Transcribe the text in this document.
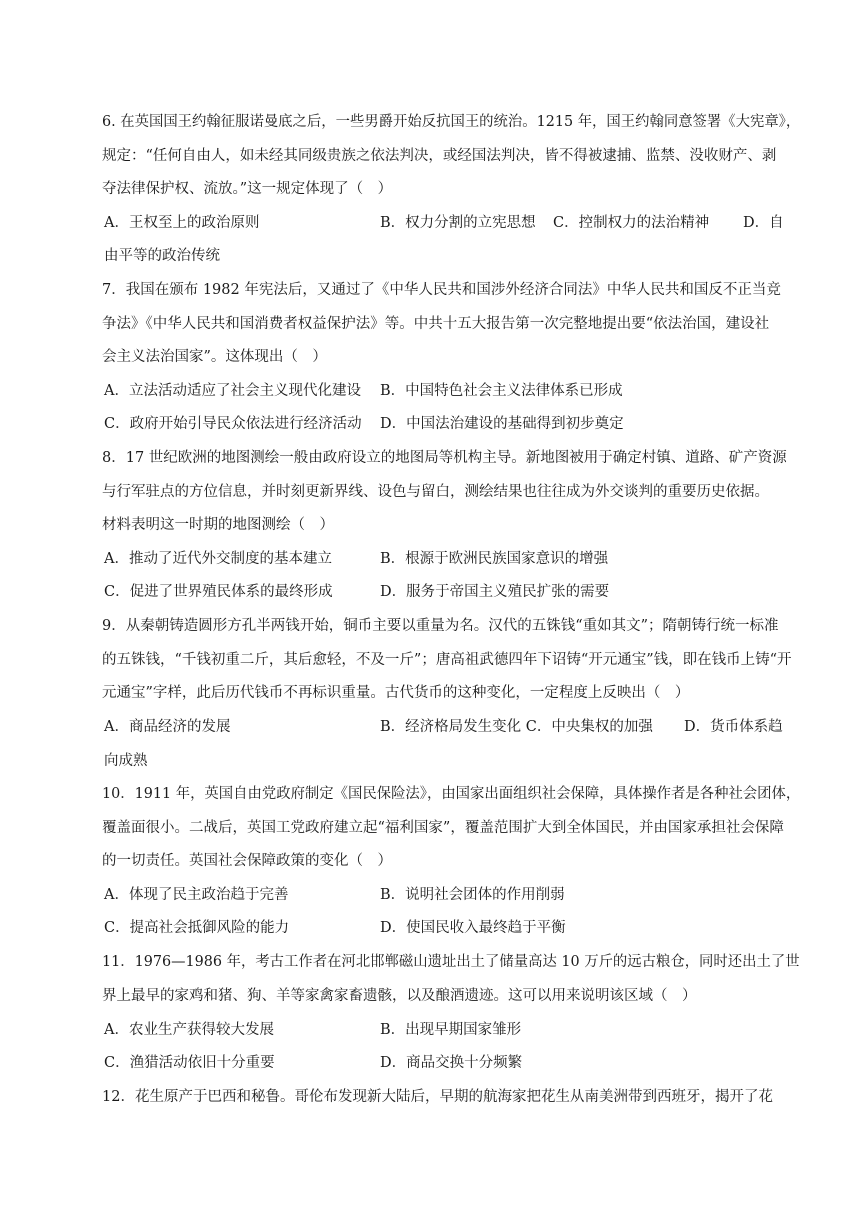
6. 在英国国王约翰征服诺曼底之后，一些男爵开始反抗国王的统治。1215 年，国王约翰同意签署《大宪章》，
规定：“任何自由人，如未经其同级贵族之依法判决，或经国法判决，皆不得被逮捕、监禁、没收财产、剥
夺法律保护权、流放。”这一规定体现了（　）
A．王权至上的政治原则	B．权力分割的立宪思想 C．控制权力的法治精神 D．自
由平等的政治传统
7．我国在颁布 1982 年宪法后，又通过了《中华人民共和国涉外经济合同法》中华人民共和国反不正当竞
争法》《中华人民共和国消费者权益保护法》等。中共十五大报告第一次完整地提出要“依法治国，建设社
会主义法治国家”。这体现出（　）
A．立法活动适应了社会主义现代化建设 B．中国特色社会主义法律体系已形成
C．政府开始引导民众依法进行经济活动 D．中国法治建设的基础得到初步奠定
8．17 世纪欧洲的地图测绘一般由政府设立的地图局等机构主导。新地图被用于确定村镇、道路、矿产资源
与行军驻点的方位信息，并时刻更新界线、设色与留白，测绘结果也往往成为外交谈判的重要历史依据。
材料表明这一时期的地图测绘（　）
A．推动了近代外交制度的基本建立	B．根源于欧洲民族国家意识的增强
C．促进了世界殖民体系的最终形成	D．服务于帝国主义殖民扩张的需要
9．从秦朝铸造圆形方孔半两钱开始，铜币主要以重量为名。汉代的五铢钱“重如其文”；隋朝铸行统一标准
的五铢钱，“千钱初重二斤，其后愈轻，不及一斤”；唐高祖武德四年下诏铸“开元通宝”钱，即在钱币上铸“开
元通宝”字样，此后历代钱币不再标识重量。古代货币的这种变化，一定程度上反映出（　）
A．商品经济的发展	B．经济格局发生变化 C．中央集权的加强 D．货币体系趋
向成熟
10．1911 年，英国自由党政府制定《国民保险法》，由国家出面组织社会保障，具体操作者是各种社会团体，
覆盖面很小。二战后，英国工党政府建立起“福利国家”，覆盖范围扩大到全体国民，并由国家承担社会保障
的一切责任。英国社会保障政策的变化（　）
A．体现了民主政治趋于完善	B．说明社会团体的作用削弱
C．提高社会抵御风险的能力	D．使国民收入最终趋于平衡
11．1976—1986 年，考古工作者在河北邯郸磁山遗址出土了储量高达 10 万斤的远古粮仓，同时还出土了世
界上最早的家鸡和猪、狗、羊等家禽家畜遗骸，以及酿酒遗迹。这可以用来说明该区域（　）
A．农业生产获得较大发展	B．出现早期国家雏形
C．渔猎活动依旧十分重要	D．商品交换十分频繁
12．花生原产于巴西和秘鲁。哥伦布发现新大陆后，早期的航海家把花生从南美洲带到西班牙，揭开了花
